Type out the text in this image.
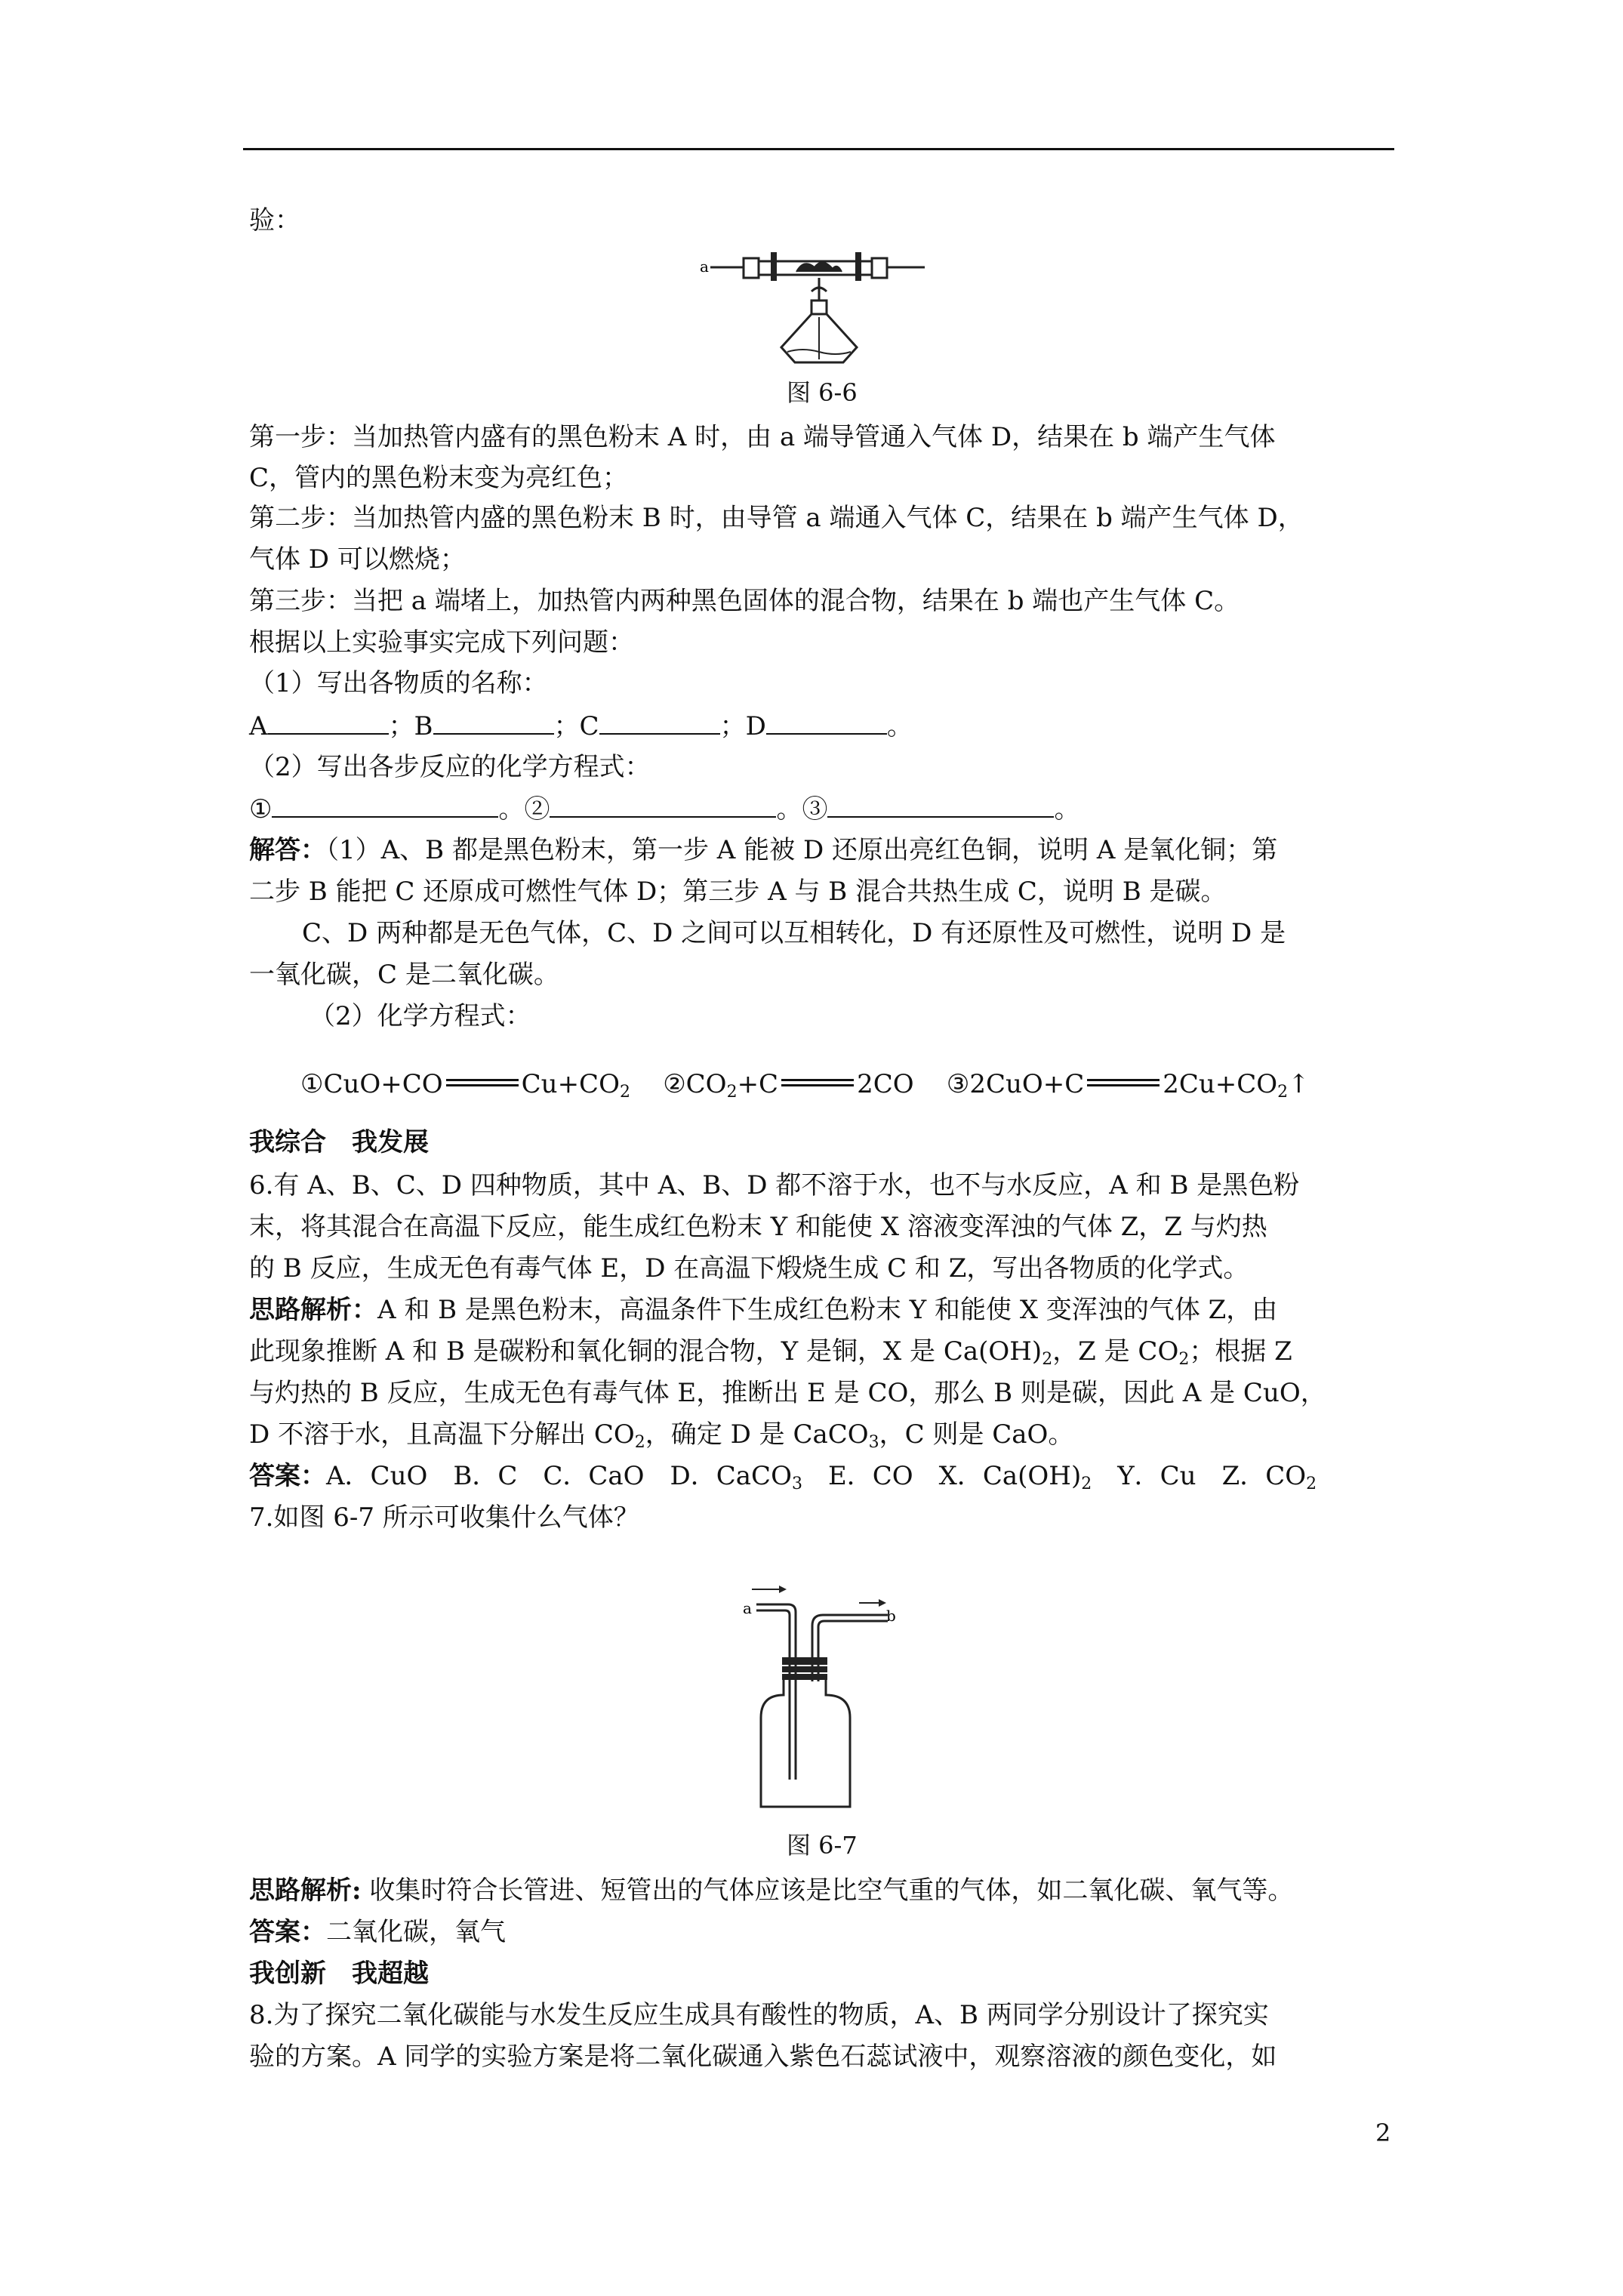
验：
a
图 6-6
第一步：当加热管内盛有的黑色粉末 A 时，由 a 端导管通入气体 D，结果在 b 端产生气体
C，管内的黑色粉末变为亮红色；
第二步：当加热管内盛的黑色粉末 B 时，由导管 a 端通入气体 C，结果在 b 端产生气体 D，
气体 D 可以燃烧；
第三步：当把 a 端堵上，加热管内两种黑色固体的混合物，结果在 b 端也产生气体 C。
根据以上实验事实完成下列问题：
（1）写出各物质的名称：
A	；B	；C	；D	。
（2）写出各步反应的化学方程式：
①	。②	。③	。
解答：（1）A、B 都是黑色粉末，第一步 A 能被 D 还原出亮红色铜，说明 A 是氧化铜；第
二步 B 能把 C 还原成可燃性气体 D；第三步 A 与 B 混合共热生成 C，说明 B 是碳。
C、D 两种都是无色气体，C、D 之间可以互相转化，D 有还原性及可燃性，说明 D 是
一氧化碳，C 是二氧化碳。
（2）化学方程式：
①CuO+CO	$Cu+CO_2$ $②CO_2+C$	2CO ③2CuO+C	$2Cu+CO_2↑$
我综合　我发展
6.有 A、B、C、D 四种物质，其中 A、B、D 都不溶于水，也不与水反应，A 和 B 是黑色粉
末，将其混合在高温下反应，能生成红色粉末 Y 和能使 X 溶液变浑浊的气体 Z，Z 与灼热
的 B 反应，生成无色有毒气体 E，D 在高温下煅烧生成 C 和 Z，写出各物质的化学式。
思路解析：A 和 B 是黑色粉末，高温条件下生成红色粉末 Y 和能使 X 变浑浊的气体 Z，由
此现象推断 A 和 B 是碳粉和氧化铜的混合物，Y 是铜，X 是 $Ca(OH)_2$，Z 是 $CO_2$；根据 Z
与灼热的 B 反应，生成无色有毒气体 E，推断出 E 是 CO，那么 B 则是碳，因此 A 是 CuO，
D 不溶于水，且高温下分解出 $CO_2$，确定 D 是 CaCO$_3$，C 则是 CaO。
答案：A．CuO　B．C　C．CaO　D．CaCO$_3$　E．CO　X．$Ca(OH)_2$　Y．Cu　Z．$CO_2$
7.如图 6-7 所示可收集什么气体？
a	b
图 6-7
思路解析: 收集时符合长管进、短管出的气体应该是比空气重的气体，如二氧化碳、氧气等。
答案：二氧化碳，氧气
我创新　我超越
8.为了探究二氧化碳能与水发生反应生成具有酸性的物质，A、B 两同学分别设计了探究实
验的方案。A 同学的实验方案是将二氧化碳通入紫色石蕊试液中，观察溶液的颜色变化，如
2
